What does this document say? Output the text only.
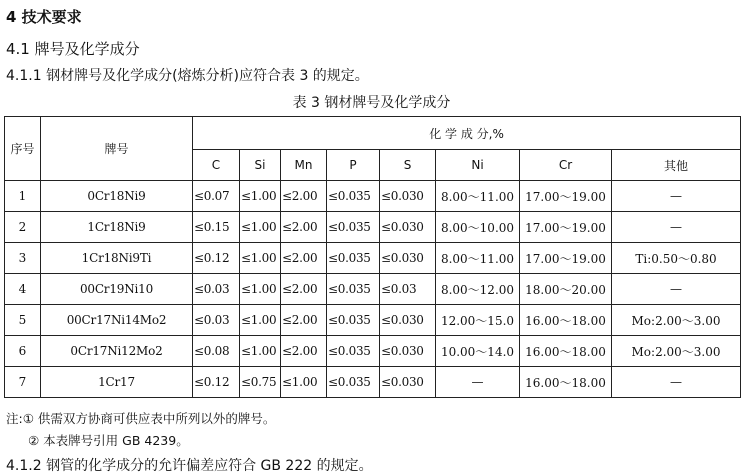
4 技术要求
4.1 牌号及化学成分
4.1.1 钢材牌号及化学成分(熔炼分析)应符合表 3 的规定。
表 3 钢材牌号及化学成分
序号	牌号	化 学 成 分,%							
		C	Si	Mn	P	S	Ni	Cr	其他
1	0Cr18Ni9	≤0.07	≤1.00	≤2.00	≤0.035	≤0.030	8.00～11.00	17.00～19.00	—
2	1Cr18Ni9	≤0.15	≤1.00	≤2.00	≤0.035	≤0.030	8.00～10.00	17.00～19.00	—
3	1Cr18Ni9Ti	≤0.12	≤1.00	≤2.00	≤0.035	≤0.030	8.00～11.00	17.00～19.00	Ti:0.50～0.80
4	00Cr19Ni10	≤0.03	≤1.00	≤2.00	≤0.035	≤0.03	8.00～12.00	18.00～20.00	—
5	00Cr17Ni14Mo2	≤0.03	≤1.00	≤2.00	≤0.035	≤0.030	12.00～15.0	16.00～18.00	Mo:2.00～3.00
6	0Cr17Ni12Mo2	≤0.08	≤1.00	≤2.00	≤0.035	≤0.030	10.00～14.0	16.00～18.00	Mo:2.00～3.00
7	1Cr17	≤0.12	≤0.75	≤1.00	≤0.035	≤0.030	—	16.00～18.00	—
注:① 供需双方协商可供应表中所列以外的牌号。
② 本表牌号引用 GB 4239。
4.1.2 钢管的化学成分的允许偏差应符合 GB 222 的规定。
